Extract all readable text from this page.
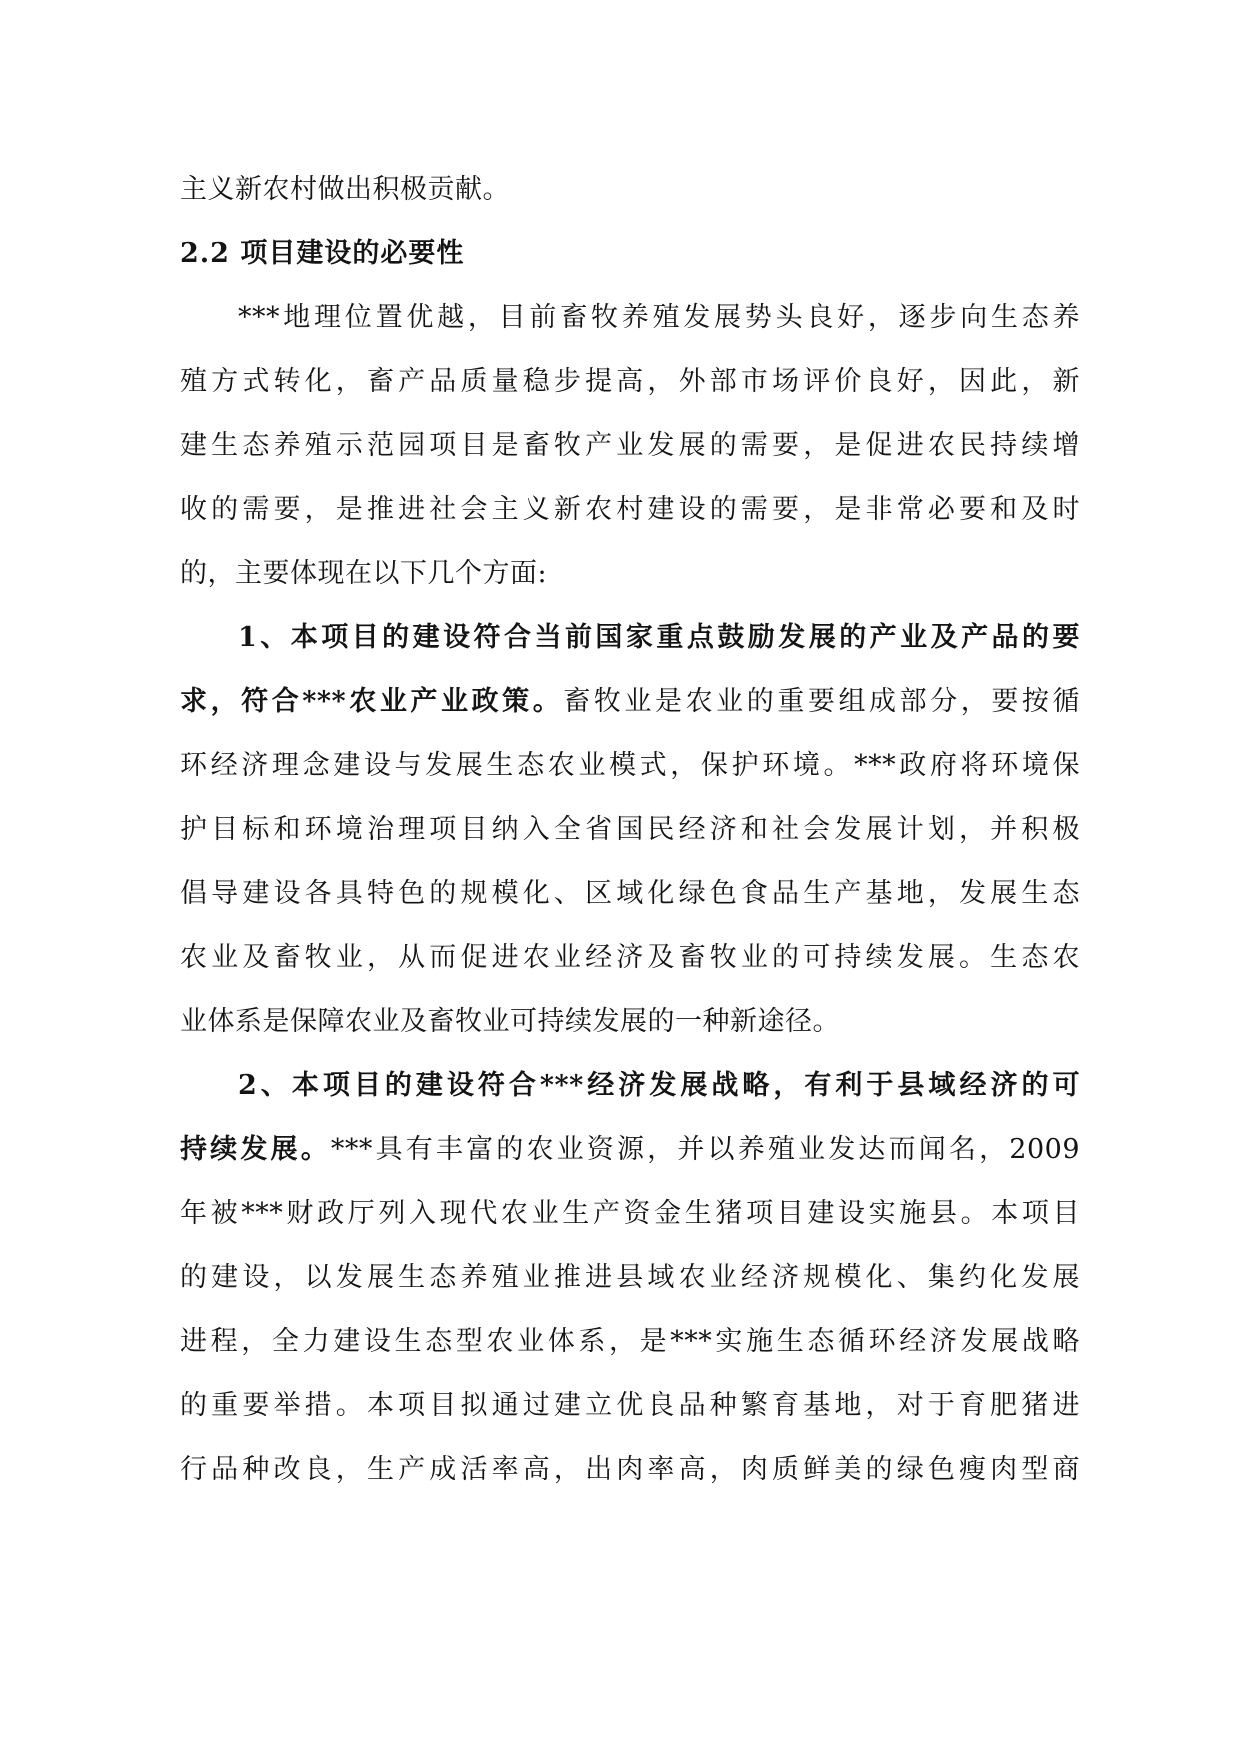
主义新农村做出积极贡献。
2.2 项目建设的必要性
***地理位置优越，目前畜牧养殖发展势头良好，逐步向生态养
殖方式转化，畜产品质量稳步提高，外部市场评价良好，因此，新
建生态养殖示范园项目是畜牧产业发展的需要，是促进农民持续增
收的需要，是推进社会主义新农村建设的需要，是非常必要和及时
的，主要体现在以下几个方面:
1、本项目的建设符合当前国家重点鼓励发展的产业及产品的要
求，符合***农业产业政策。畜牧业是农业的重要组成部分，要按循
环经济理念建设与发展生态农业模式，保护环境。***政府将环境保
护目标和环境治理项目纳入全省国民经济和社会发展计划，并积极
倡导建设各具特色的规模化、区域化绿色食品生产基地，发展生态
农业及畜牧业，从而促进农业经济及畜牧业的可持续发展。生态农
业体系是保障农业及畜牧业可持续发展的一种新途径。
2、本项目的建设符合***经济发展战略，有利于县域经济的可
持续发展。***具有丰富的农业资源，并以养殖业发达而闻名，2009
年被***财政厅列入现代农业生产资金生猪项目建设实施县。本项目
的建设，以发展生态养殖业推进县域农业经济规模化、集约化发展
进程，全力建设生态型农业体系，是***实施生态循环经济发展战略
的重要举措。本项目拟通过建立优良品种繁育基地，对于育肥猪进
行品种改良，生产成活率高，出肉率高，肉质鲜美的绿色瘦肉型商
